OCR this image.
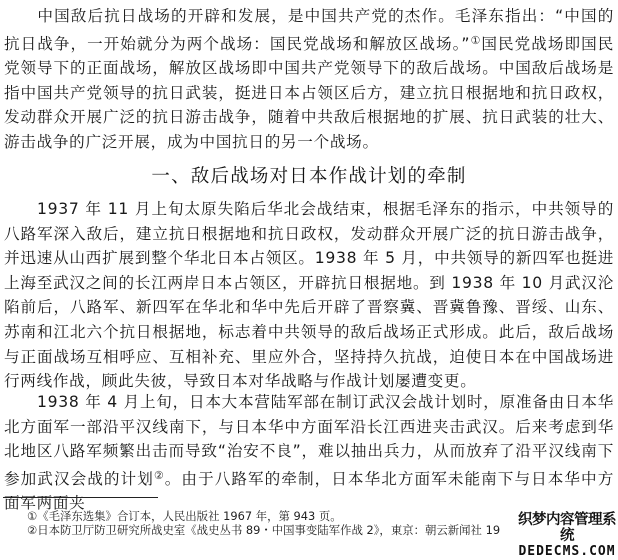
中国敌后抗日战场的开辟和发展，是中国共产党的杰作。毛泽东指出：“中国的抗日战争，一开始就分为两个战场：国民党战场和解放区战场。”①国民党战场即国民党领导下的正面战场，解放区战场即中国共产党领导下的敌后战场。中国敌后战场是指中国共产党领导的抗日武装，挺进日本占领区后方，建立抗日根据地和抗日政权，发动群众开展广泛的抗日游击战争，随着中共敌后根据地的扩展、抗日武装的壮大、游击战争的广泛开展，成为中国抗日的另一个战场。

一、敌后战场对日本作战计划的牵制

1937 年 11 月上旬太原失陷后华北会战结束，根据毛泽东的指示，中共领导的八路军深入敌后，建立抗日根据地和抗日政权，发动群众开展广泛的抗日游击战争，并迅速从山西扩展到整个华北日本占领区。1938 年 5 月，中共领导的新四军也挺进上海至武汉之间的长江两岸日本占领区，开辟抗日根据地。到 1938 年 10 月武汉沦陷前后，八路军、新四军在华北和华中先后开辟了晋察冀、晋冀鲁豫、晋绥、山东、苏南和江北六个抗日根据地，标志着中共领导的敌后战场正式形成。此后，敌后战场与正面战场互相呼应、互相补充、里应外合，坚持持久抗战，迫使日本在中国战场进行两线作战，顾此失彼，导致日本对华战略与作战计划屡遭变更。

1938 年 4 月上旬，日本大本营陆军部在制订武汉会战计划时，原准备由日本华北方面军一部沿平汉线南下，与日本华中方面军沿长江西进夹击武汉。后来考虑到华北地区八路军频繁出击而导致“治安不良”，难以抽出兵力，从而放弃了沿平汉线南下参加武汉会战的计划②。由于八路军的牵制，日本华北方面军未能南下与日本华中方面军两面夹

①《毛泽东选集》合订本，人民出版社 1967 年，第 943 页。
②日本防卫厅防卫研究所战史室《战史丛书 89・中国事变陆军作战 2》，東京：朝云新闻社 19
织梦内容管理系统
DEDECMS.COM
